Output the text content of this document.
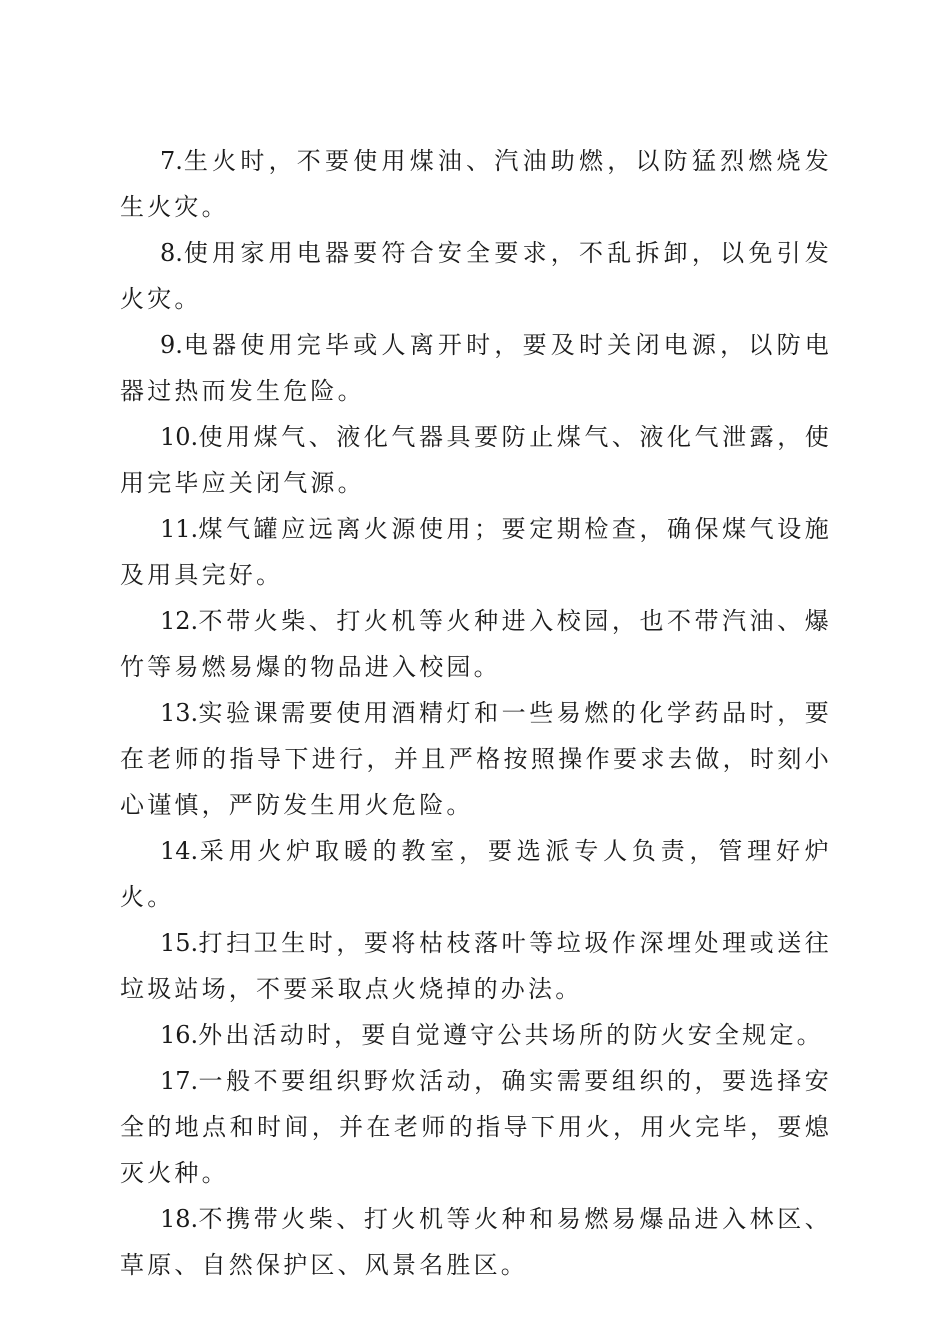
7.生火时，不要使用煤油、汽油助燃，以防猛烈燃烧发生火灾。

8.使用家用电器要符合安全要求，不乱拆卸，以免引发火灾。

9.电器使用完毕或人离开时，要及时关闭电源，以防电器过热而发生危险。

10.使用煤气、液化气器具要防止煤气、液化气泄露，使用完毕应关闭气源。

11.煤气罐应远离火源使用；要定期检查，确保煤气设施及用具完好。

12.不带火柴、打火机等火种进入校园，也不带汽油、爆竹等易燃易爆的物品进入校园。

13.实验课需要使用酒精灯和一些易燃的化学药品时，要在老师的指导下进行，并且严格按照操作要求去做，时刻小心谨慎，严防发生用火危险。

14.采用火炉取暖的教室，要选派专人负责，管理好炉火。

15.打扫卫生时，要将枯枝落叶等垃圾作深埋处理或送往垃圾站场，不要采取点火烧掉的办法。

16.外出活动时，要自觉遵守公共场所的防火安全规定。

17.一般不要组织野炊活动，确实需要组织的，要选择安全的地点和时间，并在老师的指导下用火，用火完毕，要熄灭火种。

18.不携带火柴、打火机等火种和易燃易爆品进入林区、草原、自然保护区、风景名胜区。
